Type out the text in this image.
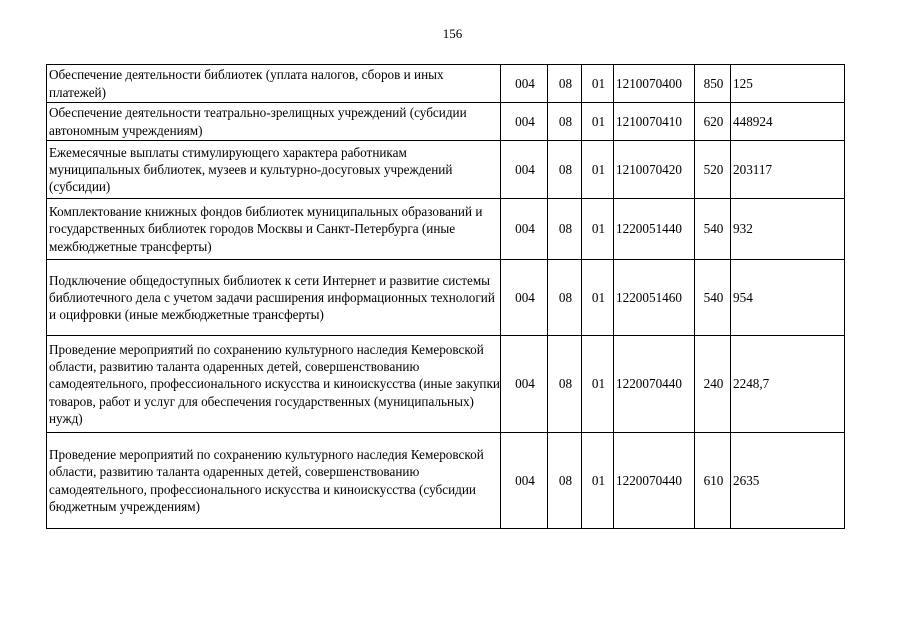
156
Обеспечение деятельности библиотек (уплата налогов, сборов и иных платежей)	004	08	01	1210070400	850	125
Обеспечение деятельности театрально-зрелищных учреждений (субсидии автономным учреждениям)	004	08	01	1210070410	620	448924
Ежемесячные выплаты стимулирующего характера работникам муниципальных библиотек, музеев и культурно-досуговых учреждений (субсидии)	004	08	01	1210070420	520	203117
Комплектование книжных фондов библиотек муниципальных образований и государственных библиотек городов Москвы и Санкт-Петербурга (иные межбюджетные трансферты)	004	08	01	1220051440	540	932
Подключение общедоступных библиотек к сети Интернет и развитие системы библиотечного дела с учетом задачи расширения информационных технологий и оцифровки (иные межбюджетные трансферты)	004	08	01	1220051460	540	954
Проведение мероприятий по сохранению культурного наследия Кемеровской области, развитию таланта одаренных детей, совершенствованию самодеятельного, профессионального искусства и киноискусства (иные закупки товаров, работ и услуг для обеспечения государственных (муниципальных) нужд)	004	08	01	1220070440	240	2248,7
Проведение мероприятий по сохранению культурного наследия Кемеровской области, развитию таланта одаренных детей, совершенствованию самодеятельного, профессионального искусства и киноискусства (субсидии бюджетным учреждениям)	004	08	01	1220070440	610	2635
